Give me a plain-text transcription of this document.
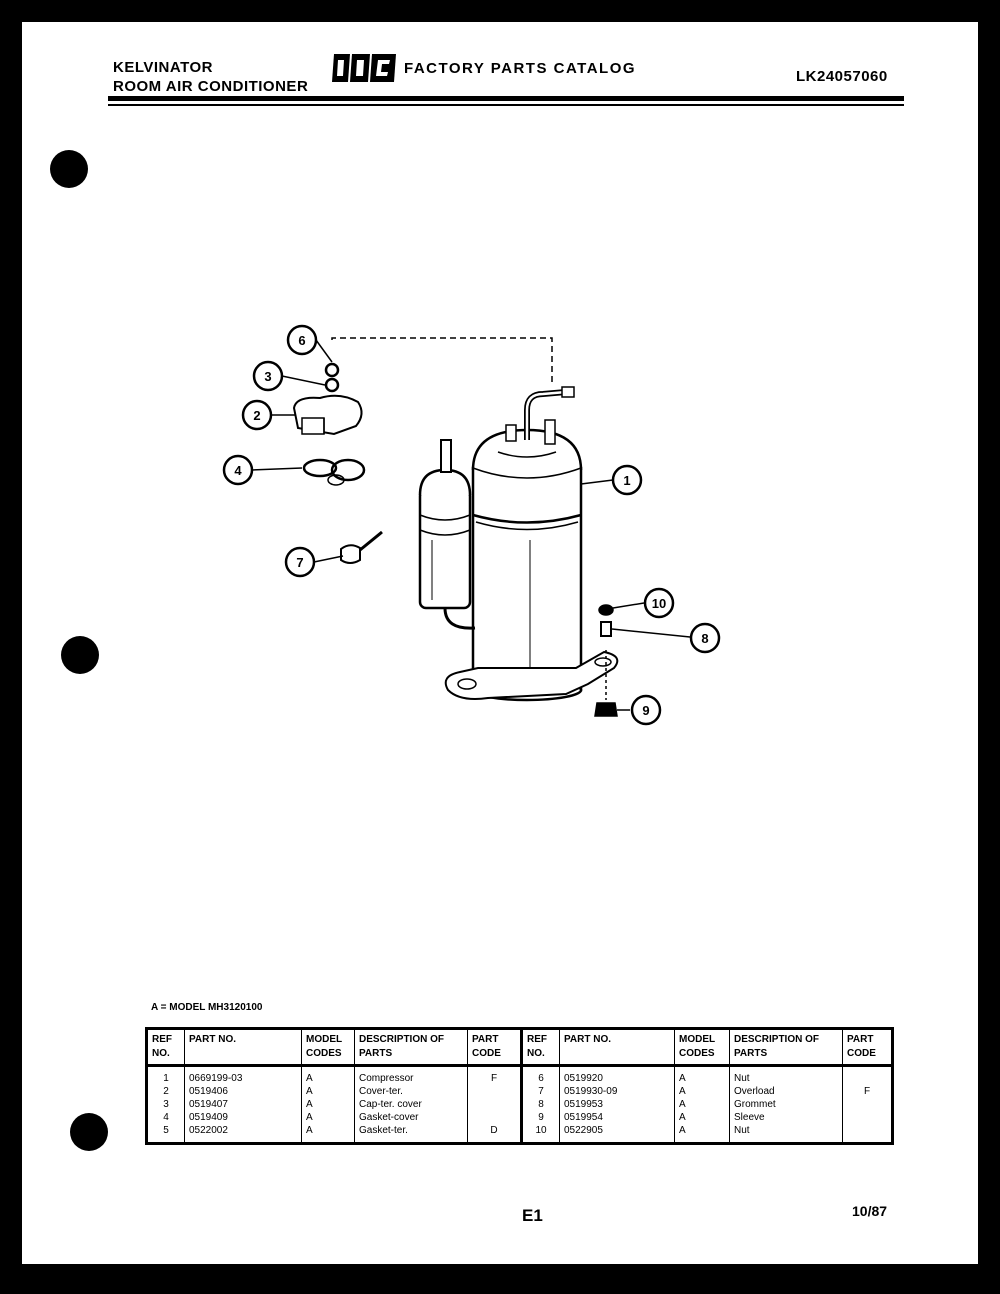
KELVINATOR
ROOM AIR CONDITIONER
FACTORY PARTS CATALOG	LK24057060
6
3
2
4
1
7
10
8
9
A = MODEL MH3120100
REF NO.	PART NO.	MODEL CODES	DESCRIPTION OF PARTS	PART CODE	REF NO.	PART NO.	MODEL CODES	DESCRIPTION OF PARTS	PART CODE
1	0669199-03	A	Compressor	F	6	0519920	A	Nut	
2	0519406	A	Cover-ter.		7	0519930-09	A	Overload	F
3	0519407	A	Cap-ter. cover		8	0519953	A	Grommet	
4	0519409	A	Gasket-cover		9	0519954	A	Sleeve	
5	0522002	A	Gasket-ter.	D	10	0522905	A	Nut	
E1	10/87
